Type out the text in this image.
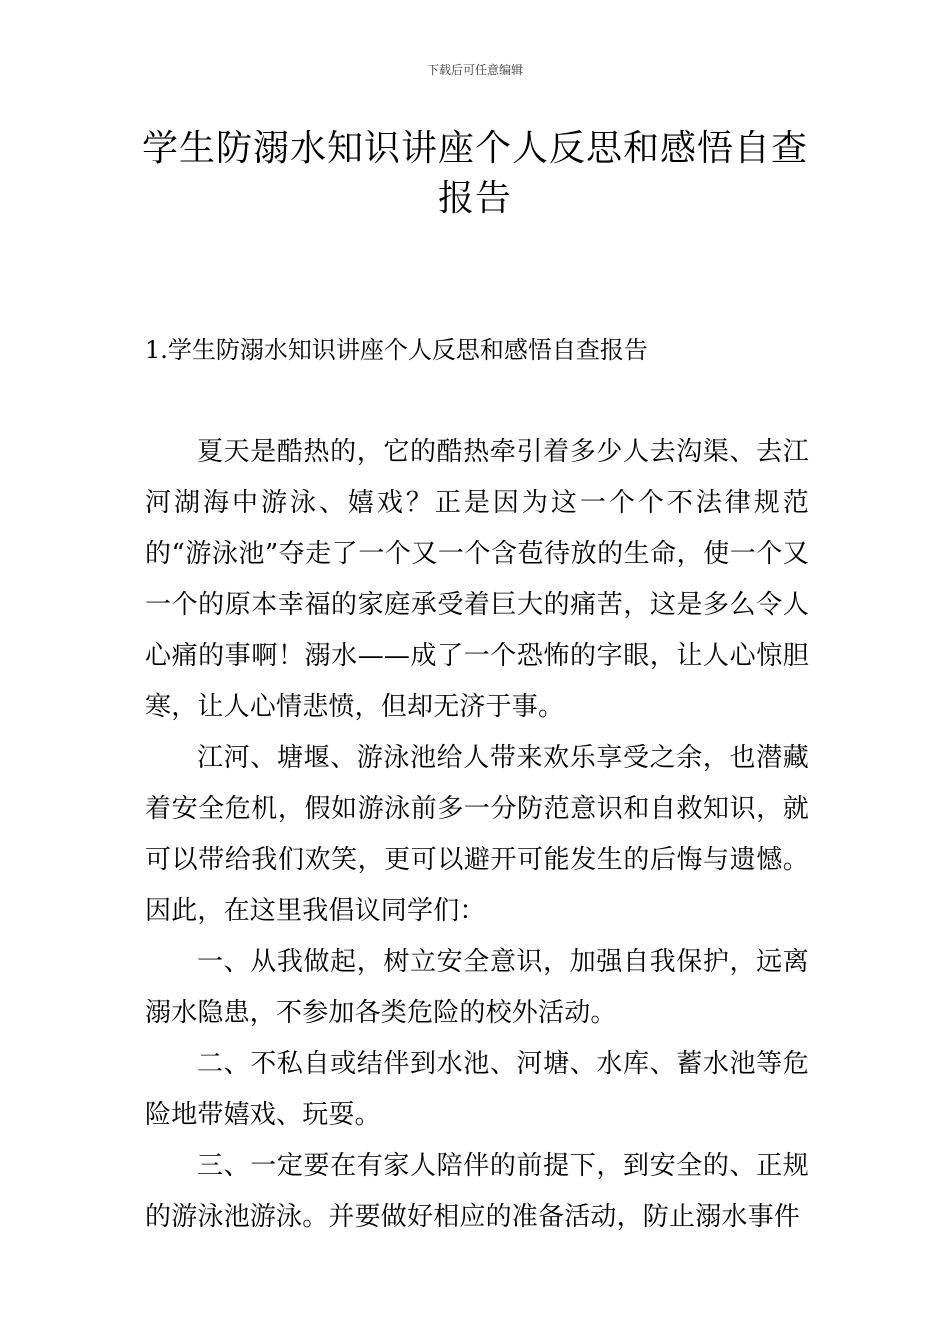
下载后可任意编辑
学生防溺水知识讲座个人反思和感悟自查报告
1.学生防溺水知识讲座个人反思和感悟自查报告

夏天是酷热的，它的酷热牵引着多少人去沟渠、去江河湖海中游泳、嬉戏？正是因为这一个个不法律规范的“游泳池”夺走了一个又一个含苞待放的生命，使一个又一个的原本幸福的家庭承受着巨大的痛苦，这是多么令人心痛的事啊！溺水——成了一个恐怖的字眼，让人心惊胆寒，让人心情悲愤，但却无济于事。

江河、塘堰、游泳池给人带来欢乐享受之余，也潜藏着安全危机，假如游泳前多一分防范意识和自救知识，就可以带给我们欢笑，更可以避开可能发生的后悔与遗憾。因此，在这里我倡议同学们：

一、从我做起，树立安全意识，加强自我保护，远离溺水隐患，不参加各类危险的校外活动。

二、不私自或结伴到水池、河塘、水库、蓄水池等危险地带嬉戏、玩耍。

三、一定要在有家人陪伴的前提下，到安全的、正规的游泳池游泳。并要做好相应的准备活动，防止溺水事件
